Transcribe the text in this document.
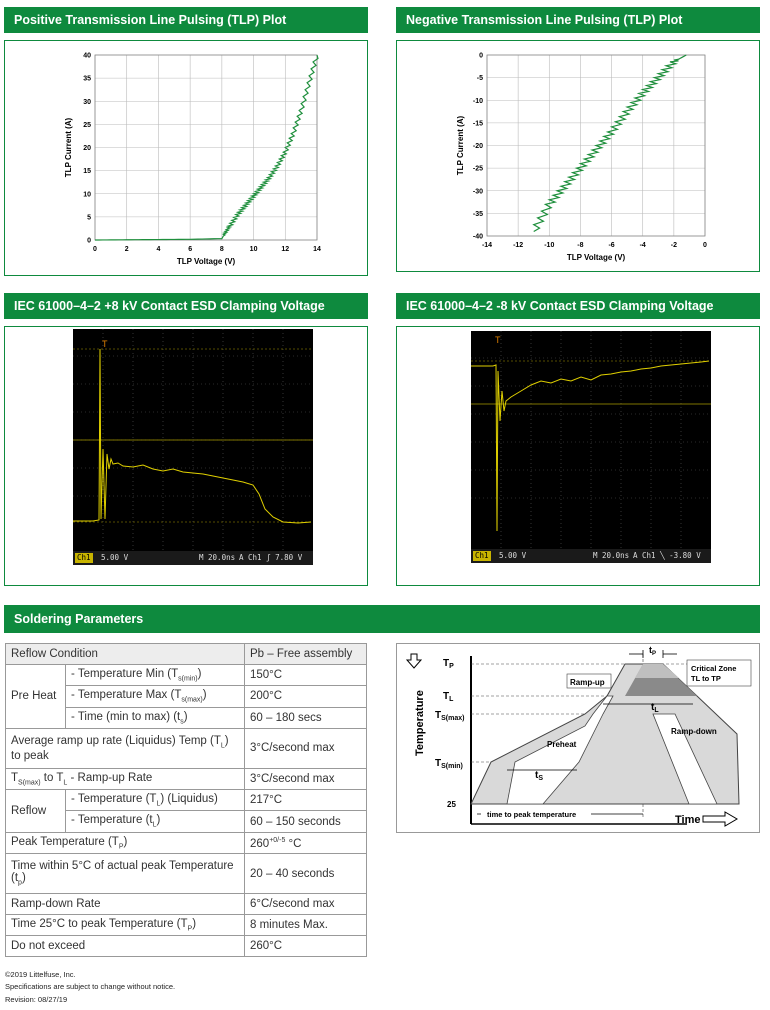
Positive Transmission Line Pulsing (TLP) Plot
0	2	4	6	8	10	12	14
0
5
10
15
20
25
30
35
40
TLP Voltage (V)
TLP Current (A)
Negative Transmission Line Pulsing (TLP) Plot
-14	-12	-10	-8	-6	-4	-2	0
0
-5
-10
-15
-20
-25
-30
-35
-40
TLP Voltage (V)
TLP Current (A)
IEC 61000–4–2 +8 kV Contact ESD Clamping Voltage
T
Ch1 5.00 V	M 20.0ns A Ch1 ʃ 7.80 V
IEC 61000–4–2 -8 kV Contact ESD Clamping Voltage
T
Ch1 5.00 V	M 20.0ns A Ch1 ╲ -3.80 V
Soldering Parameters
Reflow Condition		Pb – Free assembly
Pre Heat	- Temperature Min $(T_{s(min)})$	150°C
	- Temperature Max $(T_{s(max)})$	200°C
	- Time (min to max) $(t_s)$	60 – 180 secs
Average ramp up rate (Liquidus) Temp $(T_L)$ to peak		3°C/second max
$T_{S(max)}$ to $T_L$ - Ramp-up Rate		3°C/second max
Reflow	- Temperature $(T_L)$ (Liquidus)	217°C
	- Temperature $(t_L)$	60 – 150 seconds
Peak Temperature $(T_P)$		$260^{+0/-5}$ °C
Time within 5°C of actual peak Temperature $(t_p)$		20 – 40 seconds
Ramp-down Rate		6°C/second max
Time 25°C to peak Temperature $(T_P)$		8 minutes Max.
Do not exceed		260°C
Ramp-up
Ramp-down
Preheat
Critical Zone
TL to TP
$T_P$
$T_L$
$T_{S(max)}$
$T_{S(min)}$
25
Temperature
$t_P$
$t_L$
$t_S$
time to peak temperature	Time
©2019 Littelfuse, Inc.
Specifications are subject to change without notice.
Revision: 08/27/19
